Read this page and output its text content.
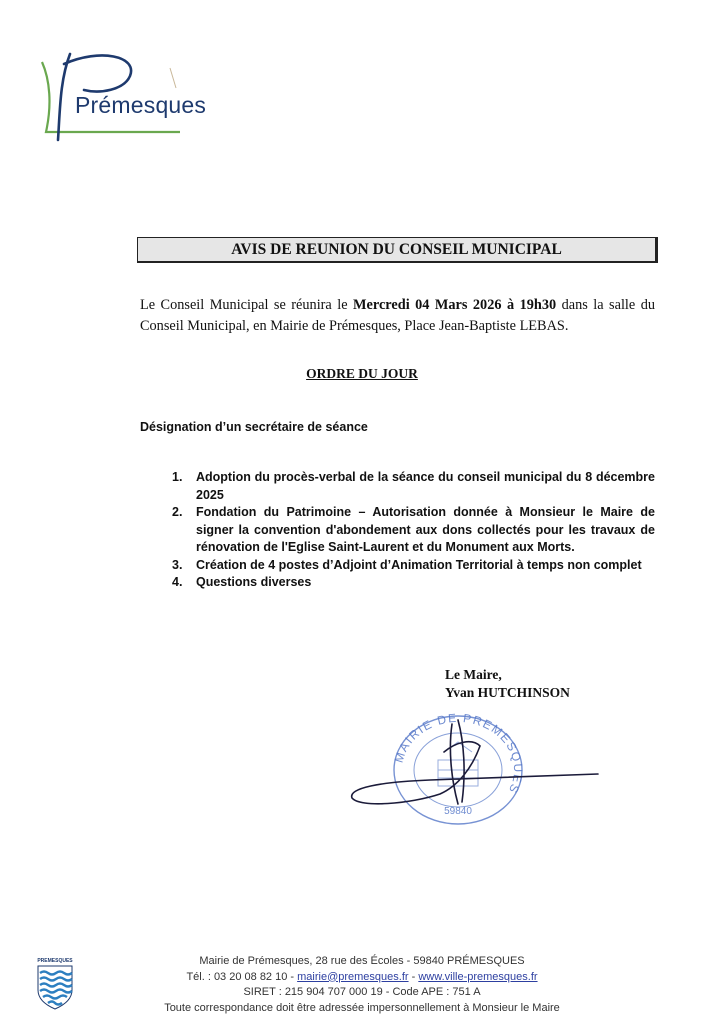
Prémesques
AVIS DE REUNION DU CONSEIL MUNICIPAL
Le Conseil Municipal se réunira le Mercredi 04 Mars 2026 à 19h30 dans la salle du Conseil Municipal, en Mairie de Prémesques, Place Jean-Baptiste LEBAS.
ORDRE DU JOUR
Désignation d’un secrétaire de séance
1. Adoption du procès-verbal de la séance du conseil municipal du 8 décembre 2025
2. Fondation du Patrimoine – Autorisation donnée à Monsieur le Maire de signer la convention d'abondement aux dons collectés pour les travaux de rénovation de l'Eglise Saint-Laurent et du Monument aux Morts.
3. Création de 4 postes d’Adjoint d’Animation Territorial à temps non complet
4. Questions diverses
Le Maire,
Yvan HUTCHINSON
MAIRIE DE PREMESQUES
59840
PREMESQUES	Mairie de Prémesques, 28 rue des Écoles - 59840 PRÉMESQUES
Tél. : 03 20 08 82 10 - mairie@premesques.fr - www.ville-premesques.fr
SIRET : 215 904 707 000 19 - Code APE : 751 A
Toute correspondance doit être adressée impersonnellement à Monsieur le Maire
